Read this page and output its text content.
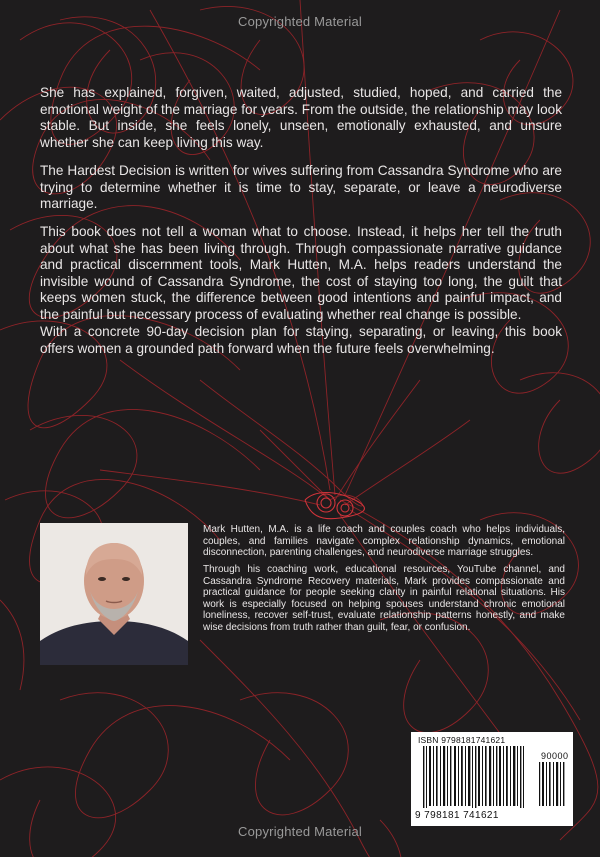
Copyrighted Material

She has explained, forgiven, waited, adjusted, studied, hoped, and carried the emotional weight of the marriage for years. From the outside, the relationship may look stable. But inside, she feels lonely, unseen, emotionally exhausted, and unsure whether she can keep living this way.

The Hardest Decision is written for wives suffering from Cassandra Syndrome who are trying to determine whether it is time to stay, separate, or leave a neurodiverse marriage.

This book does not tell a woman what to choose. Instead, it helps her tell the truth about what she has been living through. Through compassionate narrative guidance and practical discernment tools, Mark Hutten, M.A. helps readers understand the invisible wound of Cassandra Syndrome, the cost of staying too long, the guilt that keeps women stuck, the difference between good intentions and painful impact, and the painful but necessary process of evaluating whether real change is possible.

With a concrete 90-day decision plan for staying, separating, or leaving, this book offers women a grounded path forward when the future feels overwhelming.

Mark Hutten, M.A. is a life coach and couples coach who helps individuals, couples, and families navigate complex relationship dynamics, emotional disconnection, parenting challenges, and neurodiverse marriage struggles.

Through his coaching work, educational resources, YouTube channel, and Cassandra Syndrome Recovery materials, Mark provides compassionate and practical guidance for people seeking clarity in painful relational situations. His work is especially focused on helping spouses understand chronic emotional loneliness, recover self-trust, evaluate relationship patterns honestly, and make wise decisions from truth rather than guilt, fear, or confusion.

ISBN 9798181741621
90000
9 798181 741621
Copyrighted Material
